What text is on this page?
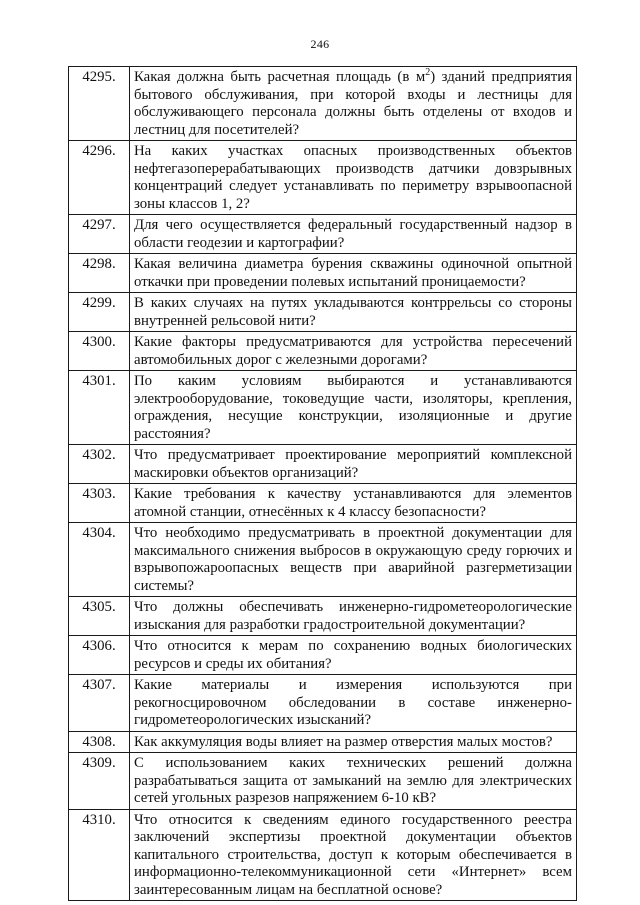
246
4295.	Какая должна быть расчетная площадь (в $м^2$) зданий предприятия бытового обслуживания, при которой входы и лестницы для обслуживающего персонала должны быть отделены от входов и лестниц для посетителей?
4296.	На каких участках опасных производственных объектов нефтегазоперерабатывающих производств датчики довзрывных концентраций следует устанавливать по периметру взрывоопасной зоны классов 1, 2?
4297.	Для чего осуществляется федеральный государственный надзор в области геодезии и картографии?
4298.	Какая величина диаметра бурения скважины одиночной опытной откачки при проведении полевых испытаний проницаемости?
4299.	В каких случаях на путях укладываются контррельсы со стороны внутренней рельсовой нити?
4300.	Какие факторы предусматриваются для устройства пересечений автомобильных дорог с железными дорогами?
4301.	По каким условиям выбираются и устанавливаются электрооборудование, токоведущие части, изоляторы, крепления, ограждения, несущие конструкции, изоляционные и другие расстояния?
4302.	Что предусматривает проектирование мероприятий комплексной маскировки объектов организаций?
4303.	Какие требования к качеству устанавливаются для элементов атомной станции, отнесённых к 4 классу безопасности?
4304.	Что необходимо предусматривать в проектной документации для максимального снижения выбросов в окружающую среду горючих и взрывопожароопасных веществ при аварийной разгерметизации системы?
4305.	Что должны обеспечивать инженерно-гидрометеорологические изыскания для разработки градостроительной документации?
4306.	Что относится к мерам по сохранению водных биологических ресурсов и среды их обитания?
4307.	Какие материалы и измерения используются при рекогносцировочном обследовании в составе инженерно-гидрометеорологических изысканий?
4308.	Как аккумуляция воды влияет на размер отверстия малых мостов?
4309.	С использованием каких технических решений должна разрабатываться защита от замыканий на землю для электрических сетей угольных разрезов напряжением 6-10 кВ?
4310.	Что относится к сведениям единого государственного реестра заключений экспертизы проектной документации объектов капитального строительства, доступ к которым обеспечивается в информационно-телекоммуникационной сети «Интернет» всем заинтересованным лицам на бесплатной основе?
